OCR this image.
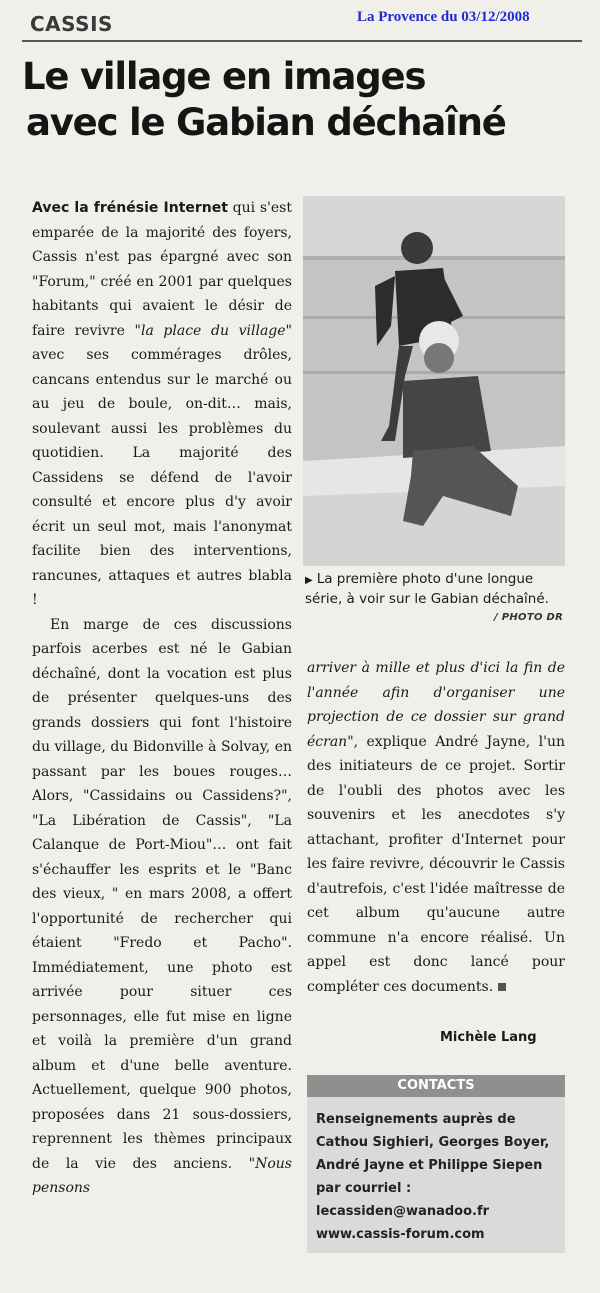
CASSIS	La Provence du 03/12/2008
Le village en images
avec le Gabian déchaîné

Avec la frénésie Internet qui s'est emparée de la majorité des foyers, Cassis n'est pas épargné avec son "Forum," créé en 2001 par quelques habitants qui avaient le désir de faire revivre "la place du village" avec ses commérages drôles, cancans entendus sur le marché ou au jeu de boule, on-dit… mais, soulevant aussi les problèmes du quotidien. La majorité des Cassidens se défend de l'avoir consulté et encore plus d'y avoir écrit un seul mot, mais l'anonymat facilite bien des interventions, rancunes, attaques et autres blabla !

En marge de ces discussions parfois acerbes est né le Gabian déchaîné, dont la vocation est plus de présenter quelques-uns des grands dossiers qui font l'histoire du village, du Bidonville à Solvay, en passant par les boues rouges… Alors, "Cassidains ou Cassidens?", "La Libération de Cassis", "La Calanque de Port-Miou"… ont fait s'échauffer les esprits et le "Banc des vieux, " en mars 2008, a offert l'opportunité de rechercher qui étaient "Fredo et Pacho". Immédiatement, une photo est arrivée pour situer ces personnages, elle fut mise en ligne et voilà la première d'un grand album et d'une belle aventure. Actuellement, quelque 900 photos, proposées dans 21 sous-dossiers, reprennent les thèmes principaux de la vie des anciens. "Nous pensons

▶ La première photo d'une longue série, à voir sur le Gabian déchaîné.
/ PHOTO DR

arriver à mille et plus d'ici la fin de l'année afin d'organiser une projection de ce dossier sur grand écran", explique André Jayne, l'un des initiateurs de ce projet. Sortir de l'oubli des photos avec les souvenirs et les anecdotes s'y attachant, profiter d'Internet pour les faire revivre, découvrir le Cassis d'autrefois, c'est l'idée maîtresse de cet album qu'aucune autre commune n'a encore réalisé. Un appel est donc lancé pour compléter ces documents.

Michèle Lang
CONTACTS
Renseignements auprès de Cathou Sighieri, Georges Boyer, André Jayne et Philippe Siepen par courriel :
lecassiden@wanadoo.fr
www.cassis-forum.com
